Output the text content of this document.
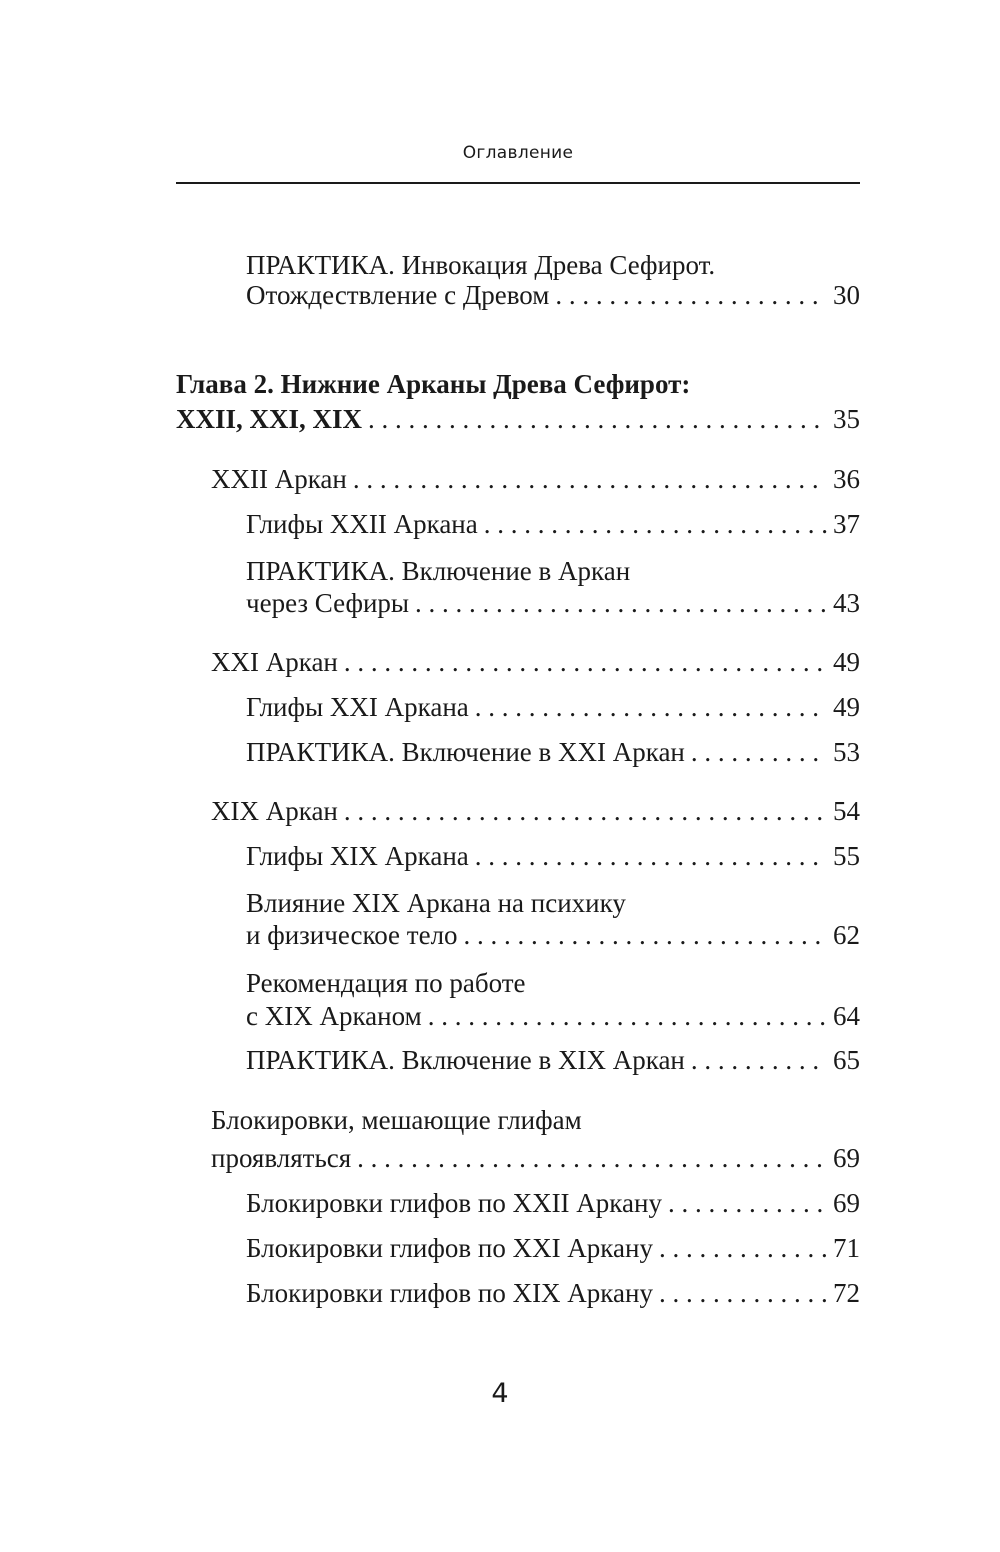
Оглавление
ПРАКТИКА. Инвокация Древа Сефирот.
Отождествление с Древом . . .	30
Глава 2. Нижние Арканы Древа Сефирот:
XXII, XXI, XIX . . .	35
XXII Аркан . . .	36
Глифы XXII Аркана . . .	37
ПРАКТИКА. Включение в Аркан
через Сефиры . . .	43
XXI Аркан . . .	49
Глифы XXI Аркана . . .	49
ПРАКТИКА. Включение в XXI Аркан . . .	53
XIX Аркан . . .	54
Глифы XIX Аркана . . .	55
Влияние XIX Аркана на психику
и физическое тело . . .	62
Рекомендация по работе
с XIX Арканом . . .	64
ПРАКТИКА. Включение в XIX Аркан . . .	65
Блокировки, мешающие глифам
проявляться . . .	69
Блокировки глифов по XXII Аркану . . .	69
Блокировки глифов по XXI Аркану . . .	71
Блокировки глифов по XIX Аркану . . .	72
4
